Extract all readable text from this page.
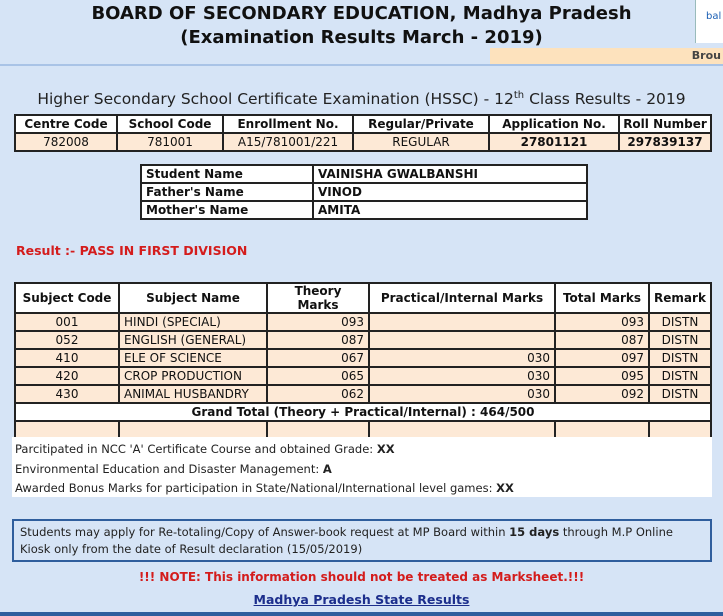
BOARD OF SECONDARY EDUCATION, Madhya Pradesh
(Examination Results March - 2019)
bal
Brou
Higher Secondary School Certificate Examination (HSSC) - 12th Class Results - 2019
Centre Code	School Code	Enrollment No.	Regular/Private	Application No.	Roll Number
782008	781001	A15/781001/221	REGULAR	27801121	297839137
Student Name	VAINISHA GWALBANSHI
Father's Name	VINOD
Mother's Name	AMITA
Result :- PASS IN FIRST DIVISION
Subject Code	Subject Name	Theory Marks	Practical/Internal Marks	Total Marks	Remark
001	HINDI (SPECIAL)	093		093	DISTN
052	ENGLISH (GENERAL)	087		087	DISTN
410	ELE OF SCIENCE	067	030	097	DISTN
420	CROP PRODUCTION	065	030	095	DISTN
430	ANIMAL HUSBANDRY	062	030	092	DISTN
Grand Total (Theory + Practical/Internal) : 464/500					

Parcitipated in NCC 'A' Certificate Course and obtained Grade: XX
Environmental Education and Disaster Management: A
Awarded Bonus Marks for participation in State/National/International level games: XX
Students may apply for Re-totaling/Copy of Answer-book request at MP Board within 15 days through M.P Online Kiosk only from the date of Result declaration (15/05/2019)
!!! NOTE: This information should not be treated as Marksheet.!!!
Madhya Pradesh State Results
